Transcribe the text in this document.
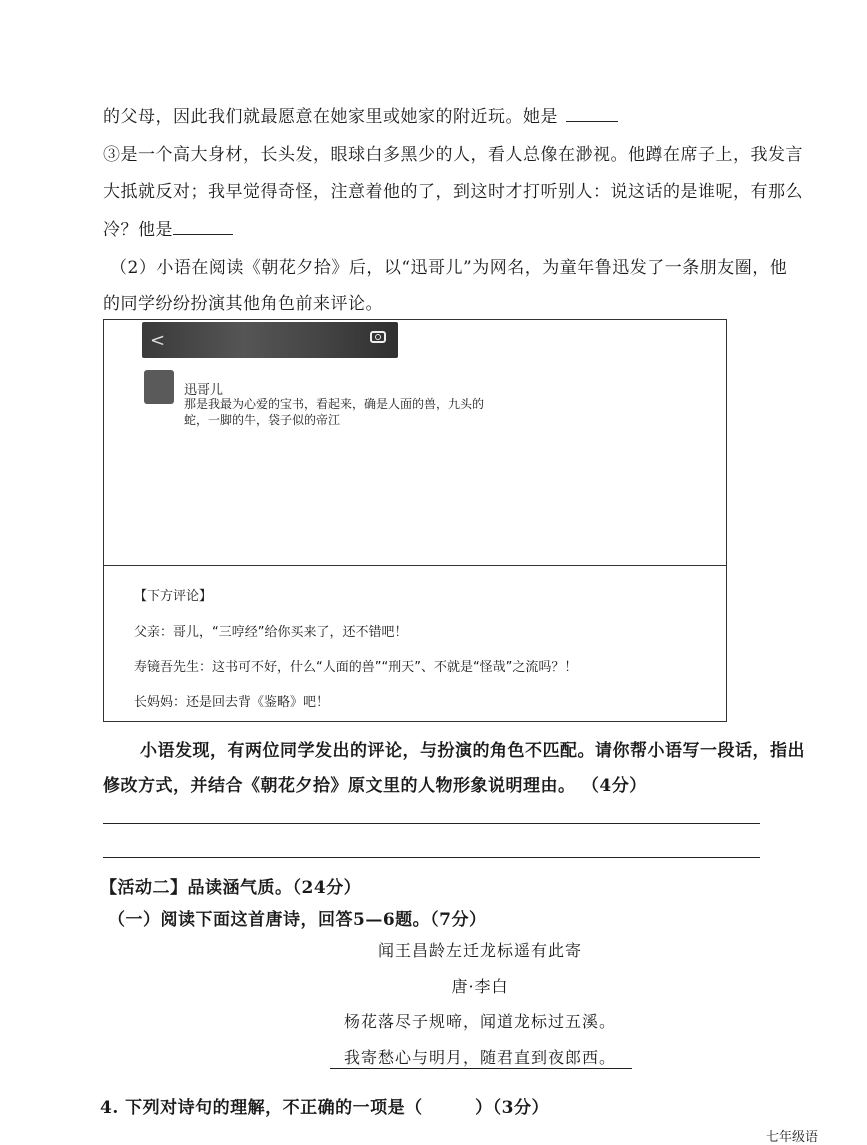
的父母，因此我们就最愿意在她家里或她家的附近玩。她是
③是一个高大身材，长头发，眼球白多黑少的人，看人总像在渺视。他蹲在席子上，我发言
大抵就反对；我早觉得奇怪，注意着他的了，到这时才打听别人：说这话的是谁呢，有那么
冷？他是
（2）小语在阅读《朝花夕拾》后，以“迅哥儿”为网名，为童年鲁迅发了一条朋友圈，他
的同学纷纷扮演其他角色前来评论。
<
迅哥儿
那是我最为心爱的宝书，看起来，确是人面的兽，九头的
蛇，一脚的牛，袋子似的帝江
【下方评论】
父亲：哥儿，“三哼经”给你买来了，还不错吧！
寿镜吾先生：这书可不好，什么“人面的兽”“刑天”、不就是“怪哉”之流吗？！
长妈妈：还是回去背《鉴略》吧！
小语发现，有两位同学发出的评论，与扮演的角色不匹配。请你帮小语写一段话，指出
修改方式，并结合《朝花夕拾》原文里的人物形象说明理由。 （4分）
【活动二】品读涵气质。（24分）
（一）阅读下面这首唐诗，回答5—6题。（7分）
闻王昌龄左迁龙标遥有此寄
唐·李白
杨花落尽子规啼，闻道龙标过五溪。
我寄愁心与明月，随君直到夜郎西。
4. 下列对诗句的理解，不正确的一项是（　　　）（3分）
七年级语
